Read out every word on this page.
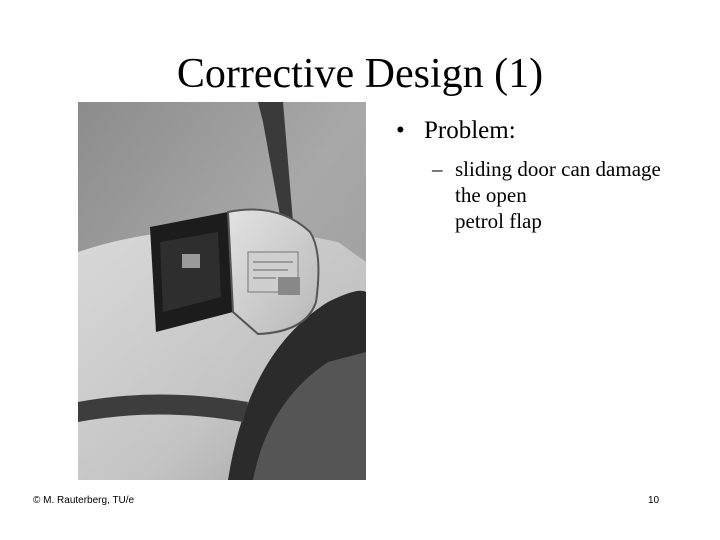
Corrective Design (1)
• Problem:
– sliding door can damage
the open
petrol flap
© M. Rauterberg, TU/e	10
